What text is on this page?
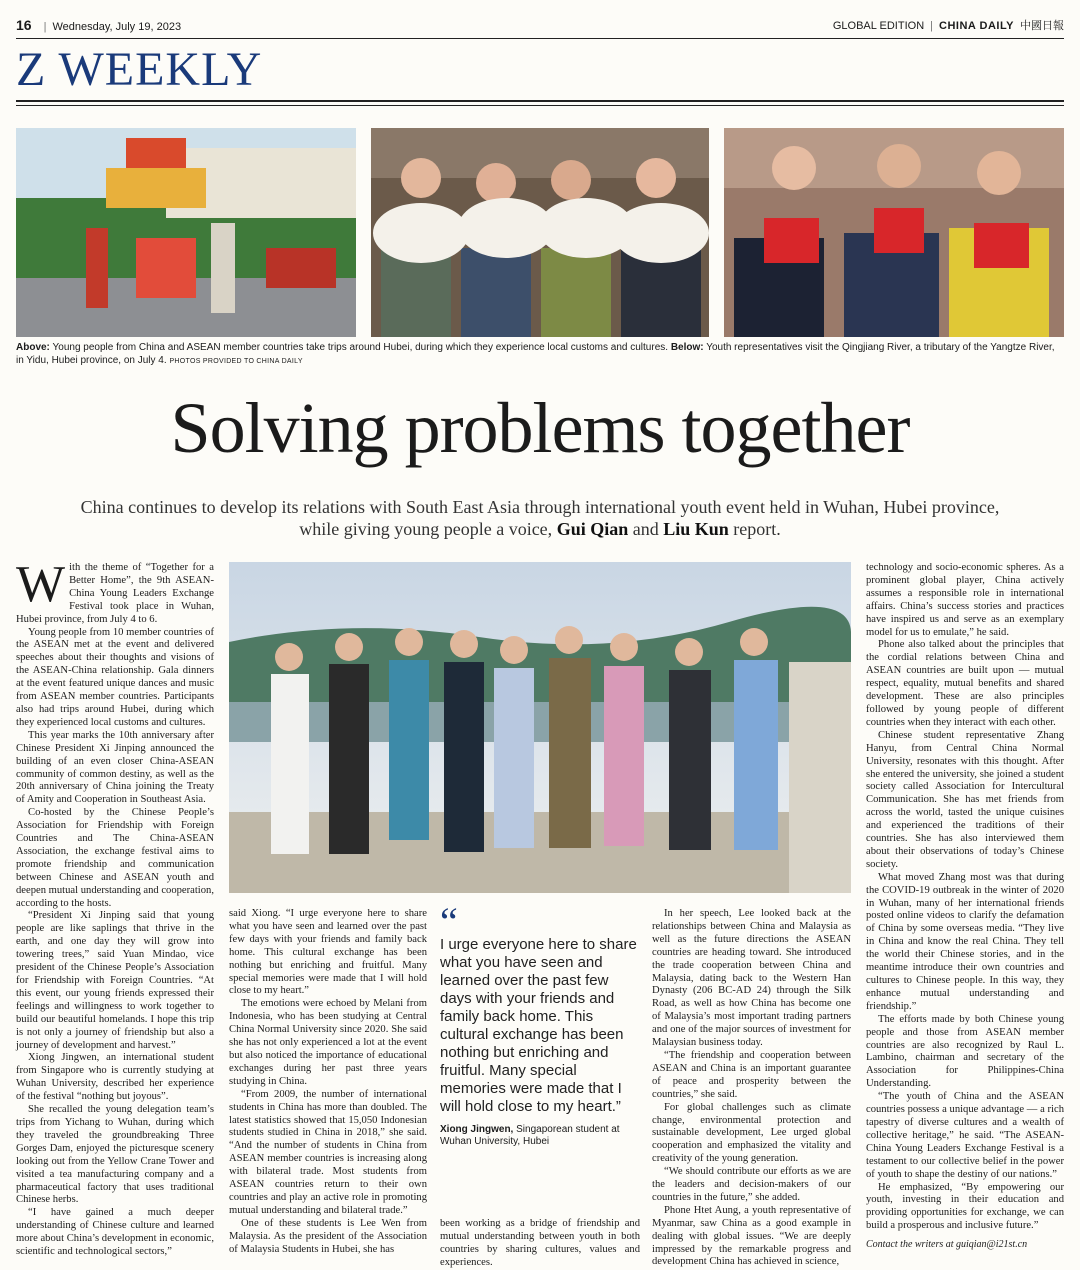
16 | Wednesday, July 19, 2023	GLOBAL EDITION | CHINA DAILY 中國日報
Z WEEKLY
Above: Young people from China and ASEAN member countries take trips around Hubei, during which they experience local customs and cultures. Below: Youth representatives visit the Qingjiang River, a tributary of the Yangtze River, in Yidu, Hubei province, on July 4. PHOTOS PROVIDED TO CHINA DAILY
Solving problems together
China continues to develop its relations with South East Asia through international youth event held in Wuhan, Hubei province, while giving young people a voice, Gui Qian and Liu Kun report.

With the theme of “Together for a Better Home”, the 9th ASEAN-China Young Leaders Exchange Festival took place in Wuhan, Hubei province, from July 4 to 6.

Young people from 10 member countries of the ASEAN met at the event and delivered speeches about their thoughts and visions of the ASEAN-China relationship. Gala dinners at the event featured unique dances and music from ASEAN member countries. Participants also had trips around Hubei, during which they experienced local customs and cultures.

This year marks the 10th anniversary after Chinese President Xi Jinping announced the building of an even closer China-ASEAN community of common destiny, as well as the 20th anniversary of China joining the Treaty of Amity and Cooperation in Southeast Asia.

Co-hosted by the Chinese People’s Association for Friendship with Foreign Countries and The China-ASEAN Association, the exchange festival aims to promote friendship and communication between Chinese and ASEAN youth and deepen mutual understanding and cooperation, according to the hosts.

“President Xi Jinping said that young people are like saplings that thrive in the earth, and one day they will grow into towering trees,” said Yuan Mindao, vice president of the Chinese People’s Association for Friendship with Foreign Countries. “At this event, our young friends expressed their feelings and willingness to work together to build our beautiful homelands. I hope this trip is not only a journey of friendship but also a journey of development and harvest.”

Xiong Jingwen, an international student from Singapore who is currently studying at Wuhan University, described her experience of the festival “nothing but joyous”.

She recalled the young delegation team’s trips from Yichang to Wuhan, during which they traveled the groundbreaking Three Gorges Dam, enjoyed the picturesque scenery looking out from the Yellow Crane Tower and visited a tea manufacturing company and a pharmaceutical factory that uses traditional Chinese herbs.

“I have gained a much deeper understanding of Chinese culture and learned more about China’s development in economic, scientific and technological sectors,”

said Xiong. “I urge everyone here to share what you have seen and learned over the past few days with your friends and family back home. This cultural exchange has been nothing but enriching and fruitful. Many special memories were made that I will hold close to my heart.”

The emotions were echoed by Melani from Indonesia, who has been studying at Central China Normal University since 2020. She said she has not only experienced a lot at the event but also noticed the importance of educational exchanges during her past three years studying in China.

“From 2009, the number of international students in China has more than doubled. The latest statistics showed that 15,050 Indonesian students studied in China in 2018,” she said. “And the number of students in China from ASEAN member countries is increasing along with bilateral trade. Most students from ASEAN countries return to their own countries and play an active role in promoting mutual understanding and bilateral trade.”

One of these students is Lee Wen from Malaysia. As the president of the Association of Malaysia Students in Hubei, she has

“
I urge everyone here to share what you have seen and learned over the past few days with your friends and family back home. This cultural exchange has been nothing but enriching and fruitful. Many special memories were made that I will hold close to my heart.”
Xiong Jingwen, Singaporean student at Wuhan University, Hubei

been working as a bridge of friendship and mutual understanding between youth in both countries by sharing cultures, values and experiences.

In her speech, Lee looked back at the relationships between China and Malaysia as well as the future directions the ASEAN countries are heading toward. She introduced the trade cooperation between China and Malaysia, dating back to the Western Han Dynasty (206 BC-AD 24) through the Silk Road, as well as how China has become one of Malaysia’s most important trading partners and one of the major sources of investment for Malaysian business today.

“The friendship and cooperation between ASEAN and China is an important guarantee of peace and prosperity between the countries,” she said.

For global challenges such as climate change, environmental protection and sustainable development, Lee urged global cooperation and emphasized the vitality and creativity of the young generation.

“We should contribute our efforts as we are the leaders and decision-makers of our countries in the future,” she added.

Phone Htet Aung, a youth representative of Myanmar, saw China as a good example in dealing with global issues. “We are deeply impressed by the remarkable progress and development China has achieved in science,

technology and socio-economic spheres. As a prominent global player, China actively assumes a responsible role in international affairs. China’s success stories and practices have inspired us and serve as an exemplary model for us to emulate,” he said.

Phone also talked about the principles that the cordial relations between China and ASEAN countries are built upon — mutual respect, equality, mutual benefits and shared development. These are also principles followed by young people of different countries when they interact with each other.

Chinese student representative Zhang Hanyu, from Central China Normal University, resonates with this thought. After she entered the university, she joined a student society called Association for Intercultural Communication. She has met friends from across the world, tasted the unique cuisines and experienced the traditions of their countries. She has also interviewed them about their observations of today’s Chinese society.

What moved Zhang most was that during the COVID-19 outbreak in the winter of 2020 in Wuhan, many of her international friends posted online videos to clarify the defamation of China by some overseas media. “They live in China and know the real China. They tell the world their Chinese stories, and in the meantime introduce their own countries and cultures to Chinese people. In this way, they enhance mutual understanding and friendship.”

The efforts made by both Chinese young people and those from ASEAN member countries are also recognized by Raul L. Lambino, chairman and secretary of the Association for Philippines-China Understanding.

“The youth of China and the ASEAN countries possess a unique advantage — a rich tapestry of diverse cultures and a wealth of collective heritage,” he said. “The ASEAN-China Young Leaders Exchange Festival is a testament to our collective belief in the power of youth to shape the destiny of our nations.”

He emphasized, “By empowering our youth, investing in their education and providing opportunities for exchange, we can build a prosperous and inclusive future.”

Contact the writers at guiqian@i21st.cn
